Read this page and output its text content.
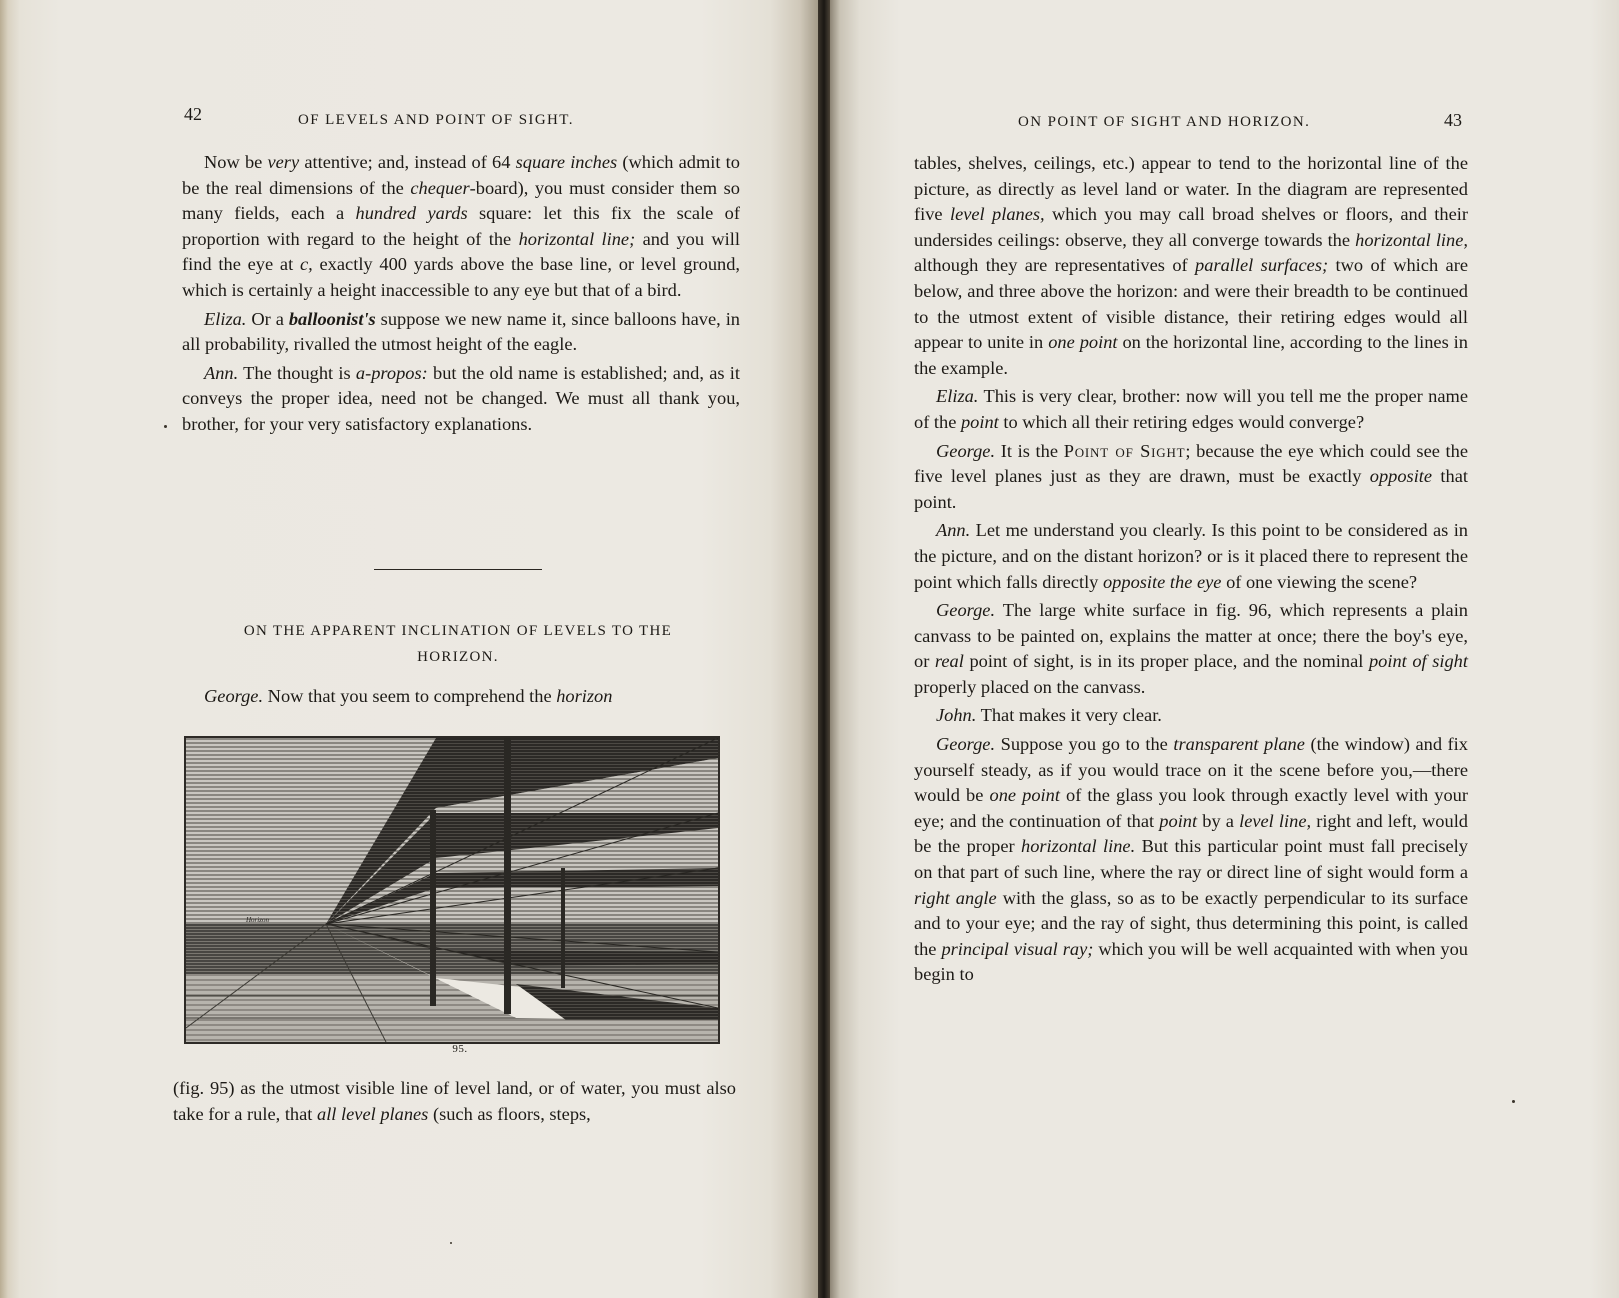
42	OF LEVELS AND POINT OF SIGHT.

Now be very attentive; and, instead of 64 square inches (which admit to be the real dimensions of the chequer-board), you must consider them so many fields, each a hundred yards square: let this fix the scale of proportion with regard to the height of the horizontal line; and you will find the eye at c, exactly 400 yards above the base line, or level ground, which is certainly a height inaccessible to any eye but that of a bird.

Eliza. Or a balloonist's suppose we new name it, since balloons have, in all probability, rivalled the utmost height of the eagle.

Ann. The thought is a-propos: but the old name is established; and, as it conveys the proper idea, need not be changed. We must all thank you, brother, for your very satisfactory explanations.

ON THE APPARENT INCLINATION OF LEVELS TO THE
HORIZON.

George. Now that you seem to comprehend the horizon

Horizon
95.

(fig. 95) as the utmost visible line of level land, or of water, you must also take for a rule, that all level planes (such as floors, steps,

ON POINT OF SIGHT AND HORIZON.	43

tables, shelves, ceilings, etc.) appear to tend to the horizontal line of the picture, as directly as level land or water. In the diagram are represented five level planes, which you may call broad shelves or floors, and their undersides ceilings: observe, they all converge towards the horizontal line, although they are representatives of parallel surfaces; two of which are below, and three above the horizon: and were their breadth to be continued to the utmost extent of visible distance, their retiring edges would all appear to unite in one point on the horizontal line, according to the lines in the example.

Eliza. This is very clear, brother: now will you tell me the proper name of the point to which all their retiring edges would converge?

George. It is the Point of Sight; because the eye which could see the five level planes just as they are drawn, must be exactly opposite that point.

Ann. Let me understand you clearly. Is this point to be considered as in the picture, and on the distant horizon? or is it placed there to represent the point which falls directly opposite the eye of one viewing the scene?

George. The large white surface in fig. 96, which represents a plain canvass to be painted on, explains the matter at once; there the boy's eye, or real point of sight, is in its proper place, and the nominal point of sight properly placed on the canvass.

John. That makes it very clear.

George. Suppose you go to the transparent plane (the window) and fix yourself steady, as if you would trace on it the scene before you,—there would be one point of the glass you look through exactly level with your eye; and the continuation of that point by a level line, right and left, would be the proper horizontal line. But this particular point must fall precisely on that part of such line, where the ray or direct line of sight would form a right angle with the glass, so as to be exactly perpendicular to its surface and to your eye; and the ray of sight, thus determining this point, is called the principal visual ray; which you will be well acquainted with when you begin to
